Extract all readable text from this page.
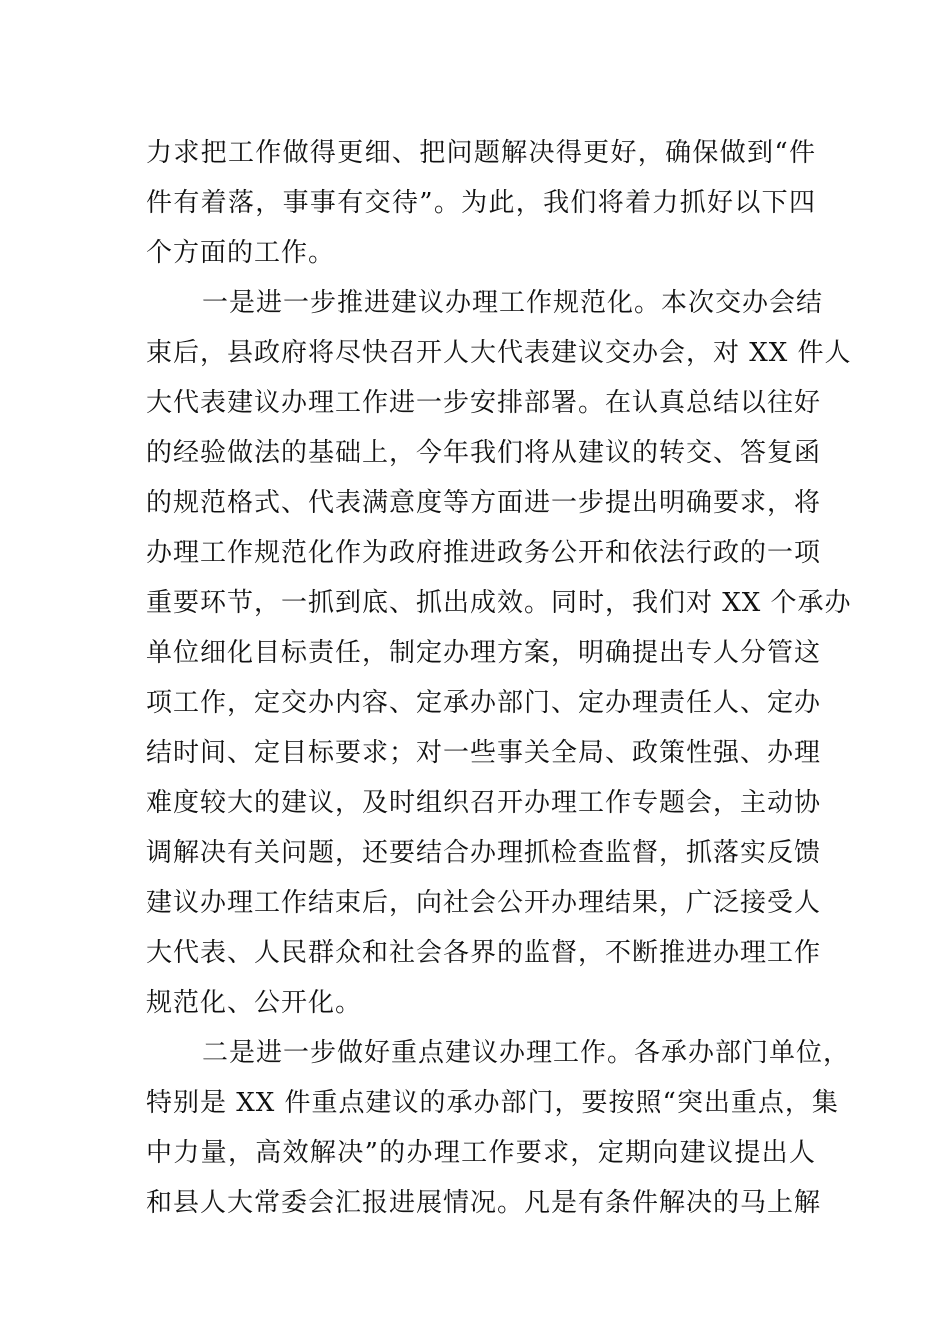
力求把工作做得更细、把问题解决得更好，确保做到“件
件有着落，事事有交待”。为此，我们将着力抓好以下四
个方面的工作。
一是进一步推进建议办理工作规范化。本次交办会结
束后，县政府将尽快召开人大代表建议交办会，对 XX 件人
大代表建议办理工作进一步安排部署。在认真总结以往好
的经验做法的基础上，今年我们将从建议的转交、答复函
的规范格式、代表满意度等方面进一步提出明确要求，将
办理工作规范化作为政府推进政务公开和依法行政的一项
重要环节，一抓到底、抓出成效。同时，我们对 XX 个承办
单位细化目标责任，制定办理方案，明确提出专人分管这
项工作，定交办内容、定承办部门、定办理责任人、定办
结时间、定目标要求；对一些事关全局、政策性强、办理
难度较大的建议，及时组织召开办理工作专题会，主动协
调解决有关问题，还要结合办理抓检查监督，抓落实反馈
建议办理工作结束后，向社会公开办理结果，广泛接受人
大代表、人民群众和社会各界的监督，不断推进办理工作
规范化、公开化。
二是进一步做好重点建议办理工作。各承办部门单位，
特别是 XX 件重点建议的承办部门，要按照“突出重点，集
中力量，高效解决”的办理工作要求，定期向建议提出人
和县人大常委会汇报进展情况。凡是有条件解决的马上解
